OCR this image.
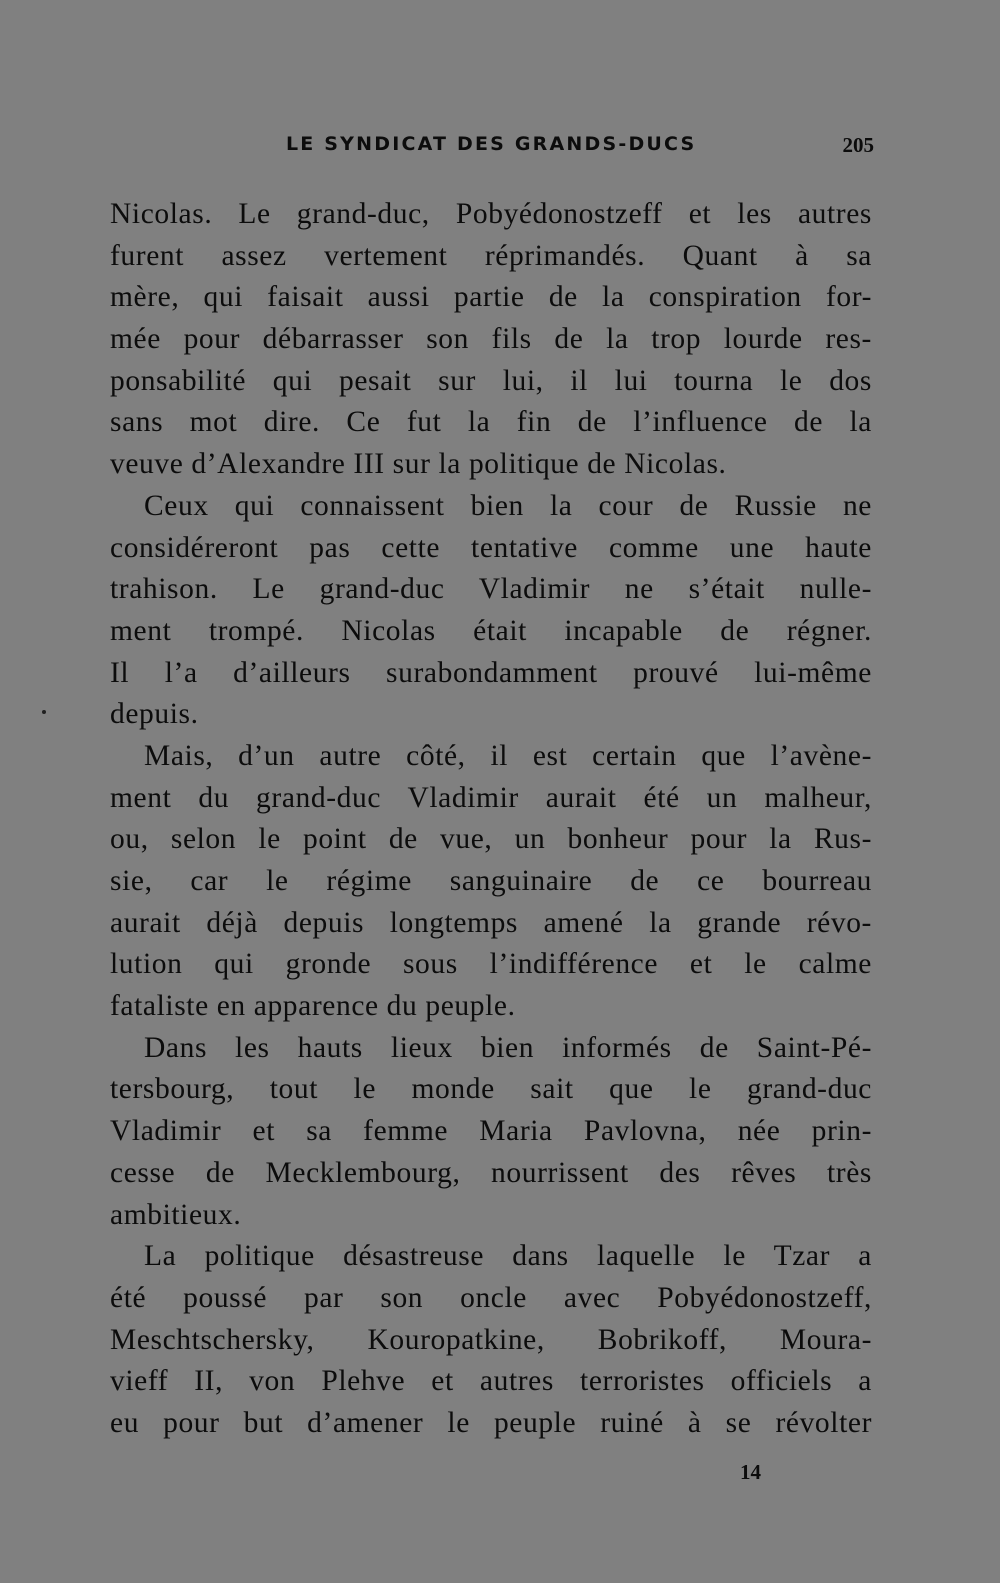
LE SYNDICAT DES GRANDS-DUCS	205
Nicolas. Le grand-duc, Pobyédonostzeff et les autres
furent assez vertement réprimandés. Quant à sa
mère, qui faisait aussi partie de la conspiration for-
mée pour débarrasser son fils de la trop lourde res-
ponsabilité qui pesait sur lui, il lui tourna le dos
sans mot dire. Ce fut la fin de l’influence de la
veuve d’Alexandre III sur la politique de Nicolas.
Ceux qui connaissent bien la cour de Russie ne
considéreront pas cette tentative comme une haute
trahison. Le grand-duc Vladimir ne s’était nulle-
ment trompé. Nicolas était incapable de régner.
Il l’a d’ailleurs surabondamment prouvé lui-même
depuis.
Mais, d’un autre côté, il est certain que l’avène-
ment du grand-duc Vladimir aurait été un malheur,
ou, selon le point de vue, un bonheur pour la Rus-
sie, car le régime sanguinaire de ce bourreau
aurait déjà depuis longtemps amené la grande révo-
lution qui gronde sous l’indifférence et le calme
fataliste en apparence du peuple.
Dans les hauts lieux bien informés de Saint-Pé-
tersbourg, tout le monde sait que le grand-duc
Vladimir et sa femme Maria Pavlovna, née prin-
cesse de Mecklembourg, nourrissent des rêves très
ambitieux.
La politique désastreuse dans laquelle le Tzar a
été poussé par son oncle avec Pobyédonostzeff,
Meschtschersky, Kouropatkine, Bobrikoff, Moura-
vieff II, von Plehve et autres terroristes officiels a
eu pour but d’amener le peuple ruiné à se révolter
14
